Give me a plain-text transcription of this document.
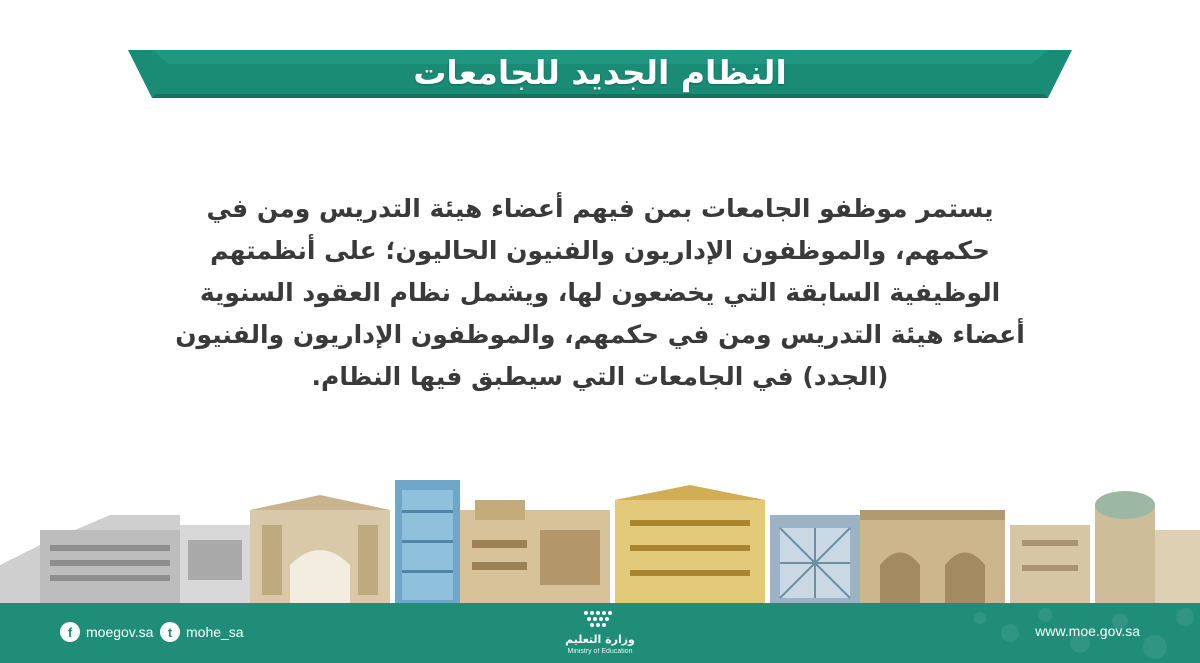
النظام الجديد للجامعات
يستمر موظفو الجامعات بمن فيهم أعضاء هيئة التدريس ومن في
حكمهم، والموظفون الإداريون والفنيون الحاليون؛ على أنظمتهم
الوظيفية السابقة التي يخضعون لها، ويشمل نظام العقود السنوية
أعضاء هيئة التدريس ومن في حكمهم، والموظفون الإداريون والفنيون
(الجدد) في الجامعات التي سيطبق فيها النظام.
f moegov.sa	t mohe_sa	وزارة التعليم
Ministry of Education
www.moe.gov.sa
